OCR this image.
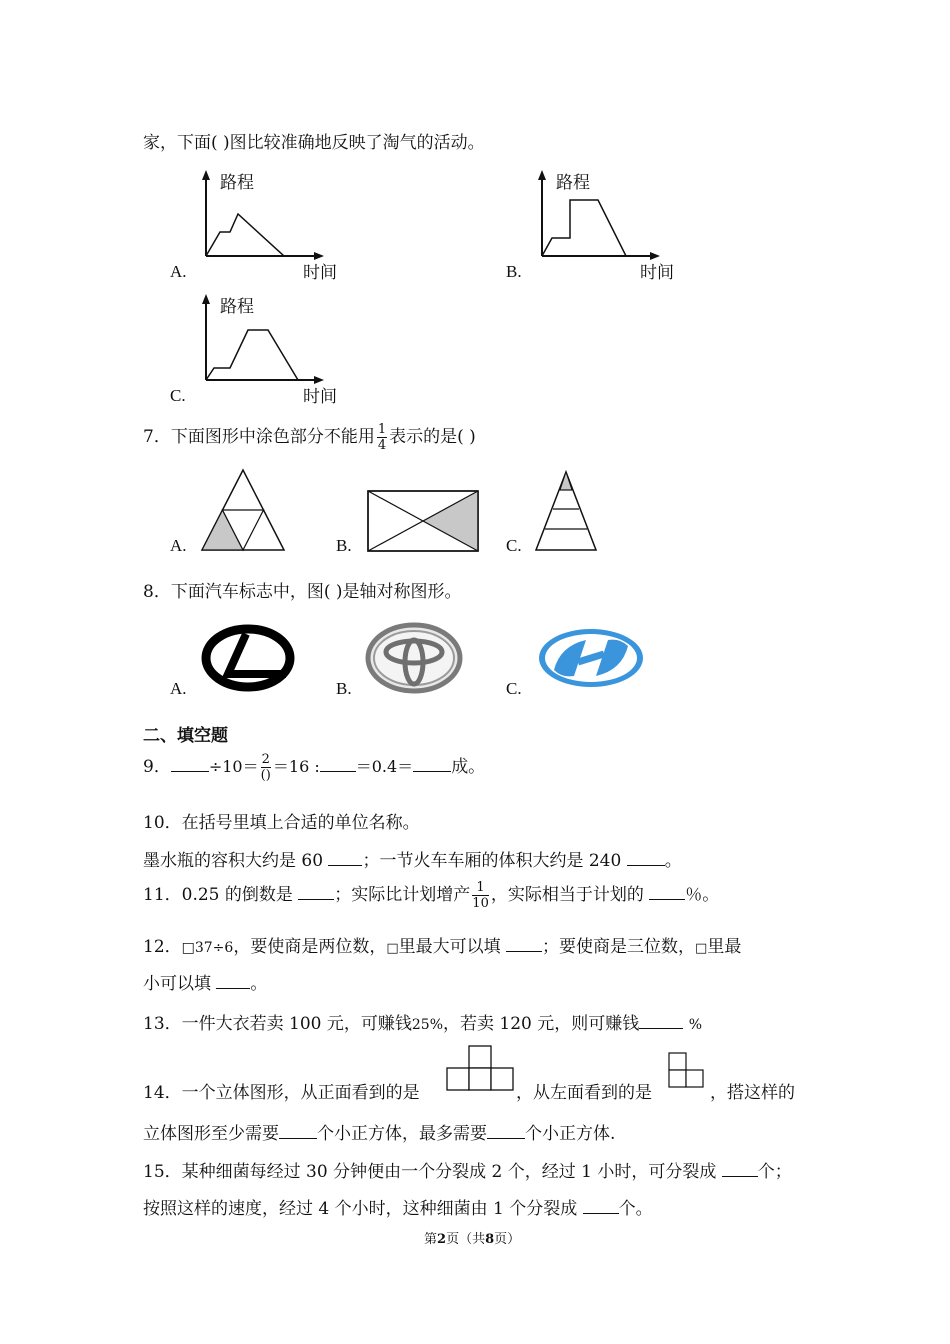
家，下面( )图比较准确地反映了淘气的活动。
路程
时间
A.
路程
时间
B.
路程
时间
C.
7．下面图形中涂色部分不能用 $\frac{1}{4}$ 表示的是( )
A.	B.	C.
8．下面汽车标志中，图( )是轴对称图形。
A.	B.	C.
二、填空题
9． $\div 10= \frac{2}{()} =16$ : ＝0.4＝ 成。
10．在括号里填上合适的单位名称。
墨水瓶的容积大约是 60 ；一节火车车厢的体积大约是 240	。
11．0.25 的倒数是 ；实际比计划增产 $\frac{1}{10}$ ，实际相当于计划的 ％。
12．□37÷6，要使商是两位数，□里最大可以填 ；要使商是三位数，□里最
小可以填 。
13．一件大衣若卖 100 元，可赚钱25%，若卖 120 元，则可赚钱	%
14．一个立体图形，从正面看到的是	，从左面看到的是	，搭这样的
立体图形至少需要 个小正方体，最多需要 个小正方体.
15．某种细菌每经过 30 分钟便由一个分裂成 2 个，经过 1 小时，可分裂成 个；
按照这样的速度，经过 4 个小时，这种细菌由 1 个分裂成 个。
第2页（共8页）
